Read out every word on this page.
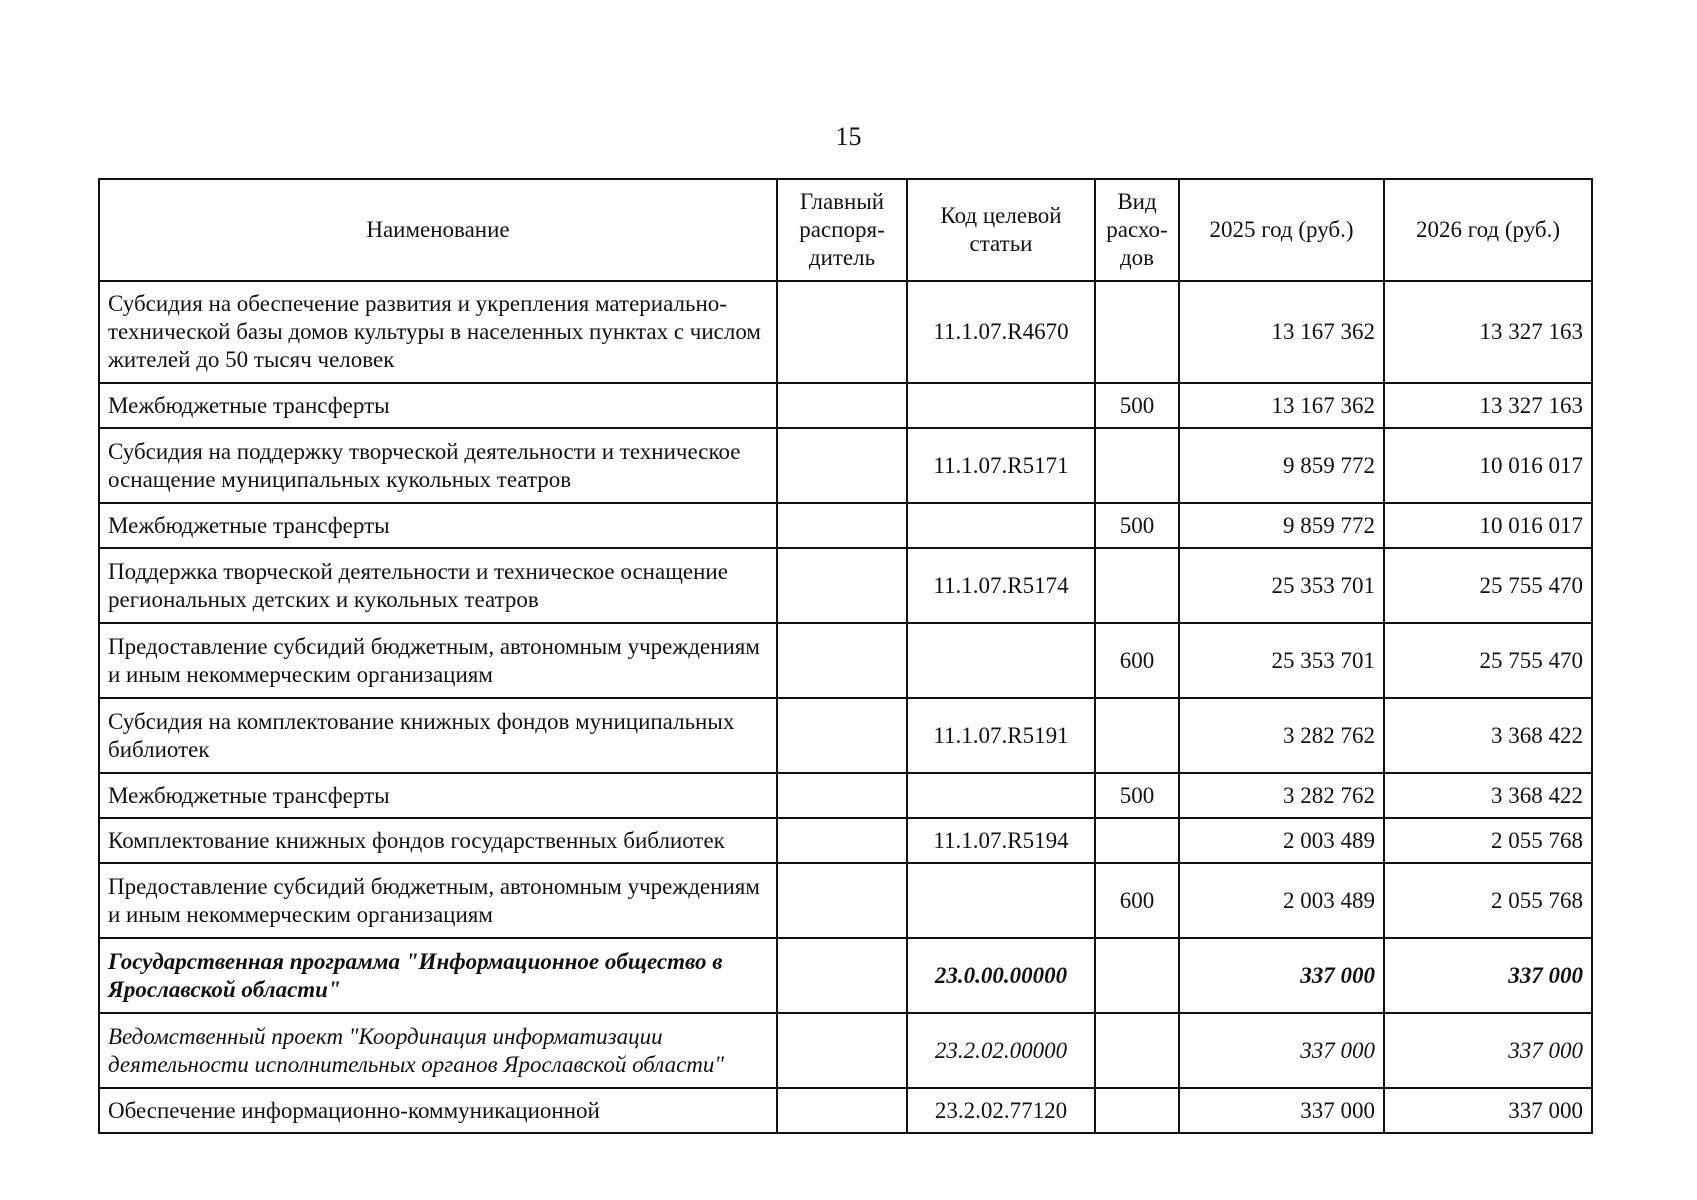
15
Наименование	Главный распоря-дитель	Код целевой статьи	Вид расхо-дов	2025 год (руб.)	2026 год (руб.)
Субсидия на обеспечение развития и укрепления материально-технической базы домов культуры в населенных пунктах с числом жителей до 50 тысяч человек		11.1.07.R4670		13 167 362	13 327 163
Межбюджетные трансферты			500	13 167 362	13 327 163
Субсидия на поддержку творческой деятельности и техническое оснащение муниципальных кукольных театров		11.1.07.R5171		9 859 772	10 016 017
Межбюджетные трансферты			500	9 859 772	10 016 017
Поддержка творческой деятельности и техническое оснащение региональных детских и кукольных театров		11.1.07.R5174		25 353 701	25 755 470
Предоставление субсидий бюджетным, автономным учреждениям и иным некоммерческим организациям			600	25 353 701	25 755 470
Субсидия на комплектование книжных фондов муниципальных библиотек		11.1.07.R5191		3 282 762	3 368 422
Межбюджетные трансферты			500	3 282 762	3 368 422
Комплектование книжных фондов государственных библиотек		11.1.07.R5194		2 003 489	2 055 768
Предоставление субсидий бюджетным, автономным учреждениям и иным некоммерческим организациям			600	2 003 489	2 055 768
Государственная программа "Информационное общество в Ярославской области"		23.0.00.00000		337 000	337 000
Ведомственный проект "Координация информатизации деятельности исполнительных органов Ярославской области"		23.2.02.00000		337 000	337 000
Обеспечение информационно-коммуникационной		23.2.02.77120		337 000	337 000
